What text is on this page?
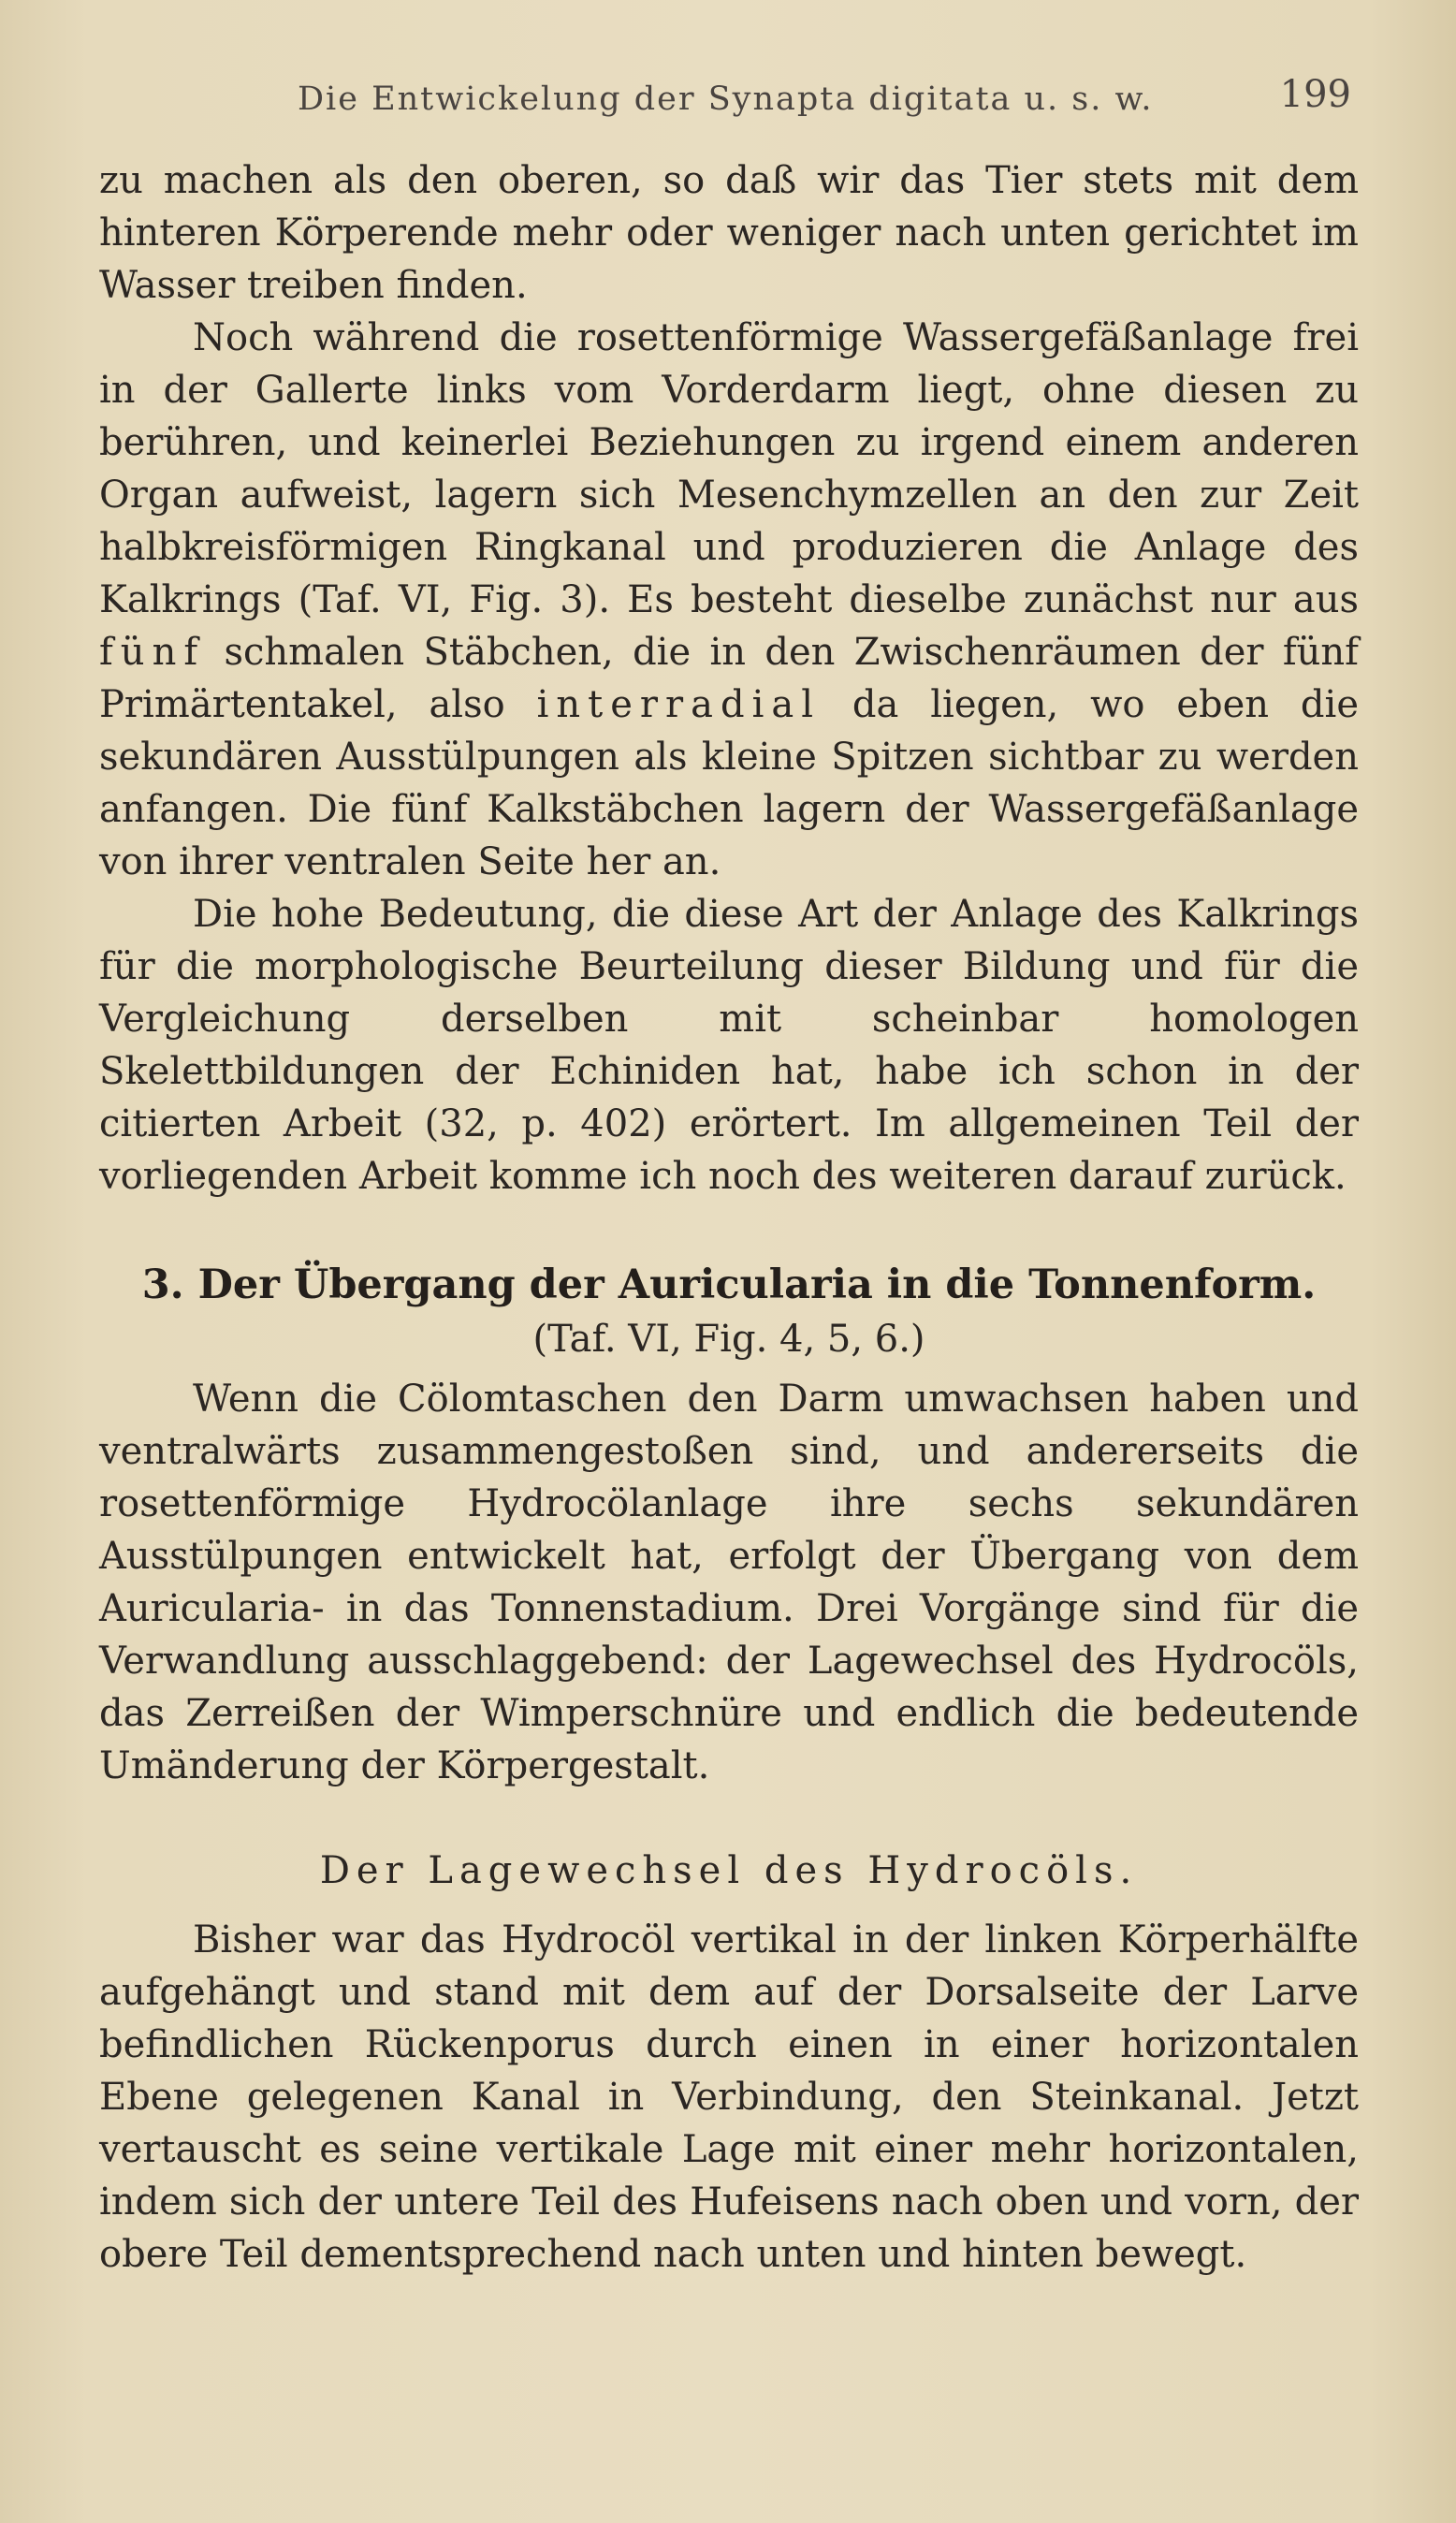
Die Entwickelung der Synapta digitata u. s. w.	199

zu machen als den oberen, so daß wir das Tier stets mit dem hinteren Körperende mehr oder weniger nach unten gerichtet im Wasser treiben finden.

Noch während die rosettenförmige Wassergefäßanlage frei in der Gallerte links vom Vorderdarm liegt, ohne diesen zu berühren, und keinerlei Beziehungen zu irgend einem anderen Organ aufweist, lagern sich Mesenchymzellen an den zur Zeit halbkreisförmigen Ringkanal und produzieren die Anlage des Kalkrings (Taf. VI, Fig. 3). Es besteht dieselbe zunächst nur aus fünf schmalen Stäbchen, die in den Zwischenräumen der fünf Primärtentakel, also interradial da liegen, wo eben die sekundären Ausstülpungen als kleine Spitzen sichtbar zu werden anfangen. Die fünf Kalkstäbchen lagern der Wassergefäßanlage von ihrer ventralen Seite her an.

Die hohe Bedeutung, die diese Art der Anlage des Kalkrings für die morphologische Beurteilung dieser Bildung und für die Vergleichung derselben mit scheinbar homologen Skelettbildungen der Echiniden hat, habe ich schon in der citierten Arbeit (32, p. 402) erörtert. Im allgemeinen Teil der vorliegenden Arbeit komme ich noch des weiteren darauf zurück.

3. Der Übergang der Auricularia in die Tonnenform.
(Taf. VI, Fig. 4, 5, 6.)

Wenn die Cölomtaschen den Darm umwachsen haben und ventralwärts zusammengestoßen sind, und andererseits die rosettenförmige Hydrocölanlage ihre sechs sekundären Ausstülpungen entwickelt hat, erfolgt der Übergang von dem Auricularia- in das Tonnenstadium. Drei Vorgänge sind für die Verwandlung ausschlaggebend: der Lagewechsel des Hydrocöls, das Zerreißen der Wimperschnüre und endlich die bedeutende Umänderung der Körpergestalt.

Der Lagewechsel des Hydrocöls.

Bisher war das Hydrocöl vertikal in der linken Körperhälfte aufgehängt und stand mit dem auf der Dorsalseite der Larve befindlichen Rückenporus durch einen in einer horizontalen Ebene gelegenen Kanal in Verbindung, den Steinkanal. Jetzt vertauscht es seine vertikale Lage mit einer mehr horizontalen, indem sich der untere Teil des Hufeisens nach oben und vorn, der obere Teil dementsprechend nach unten und hinten bewegt.
